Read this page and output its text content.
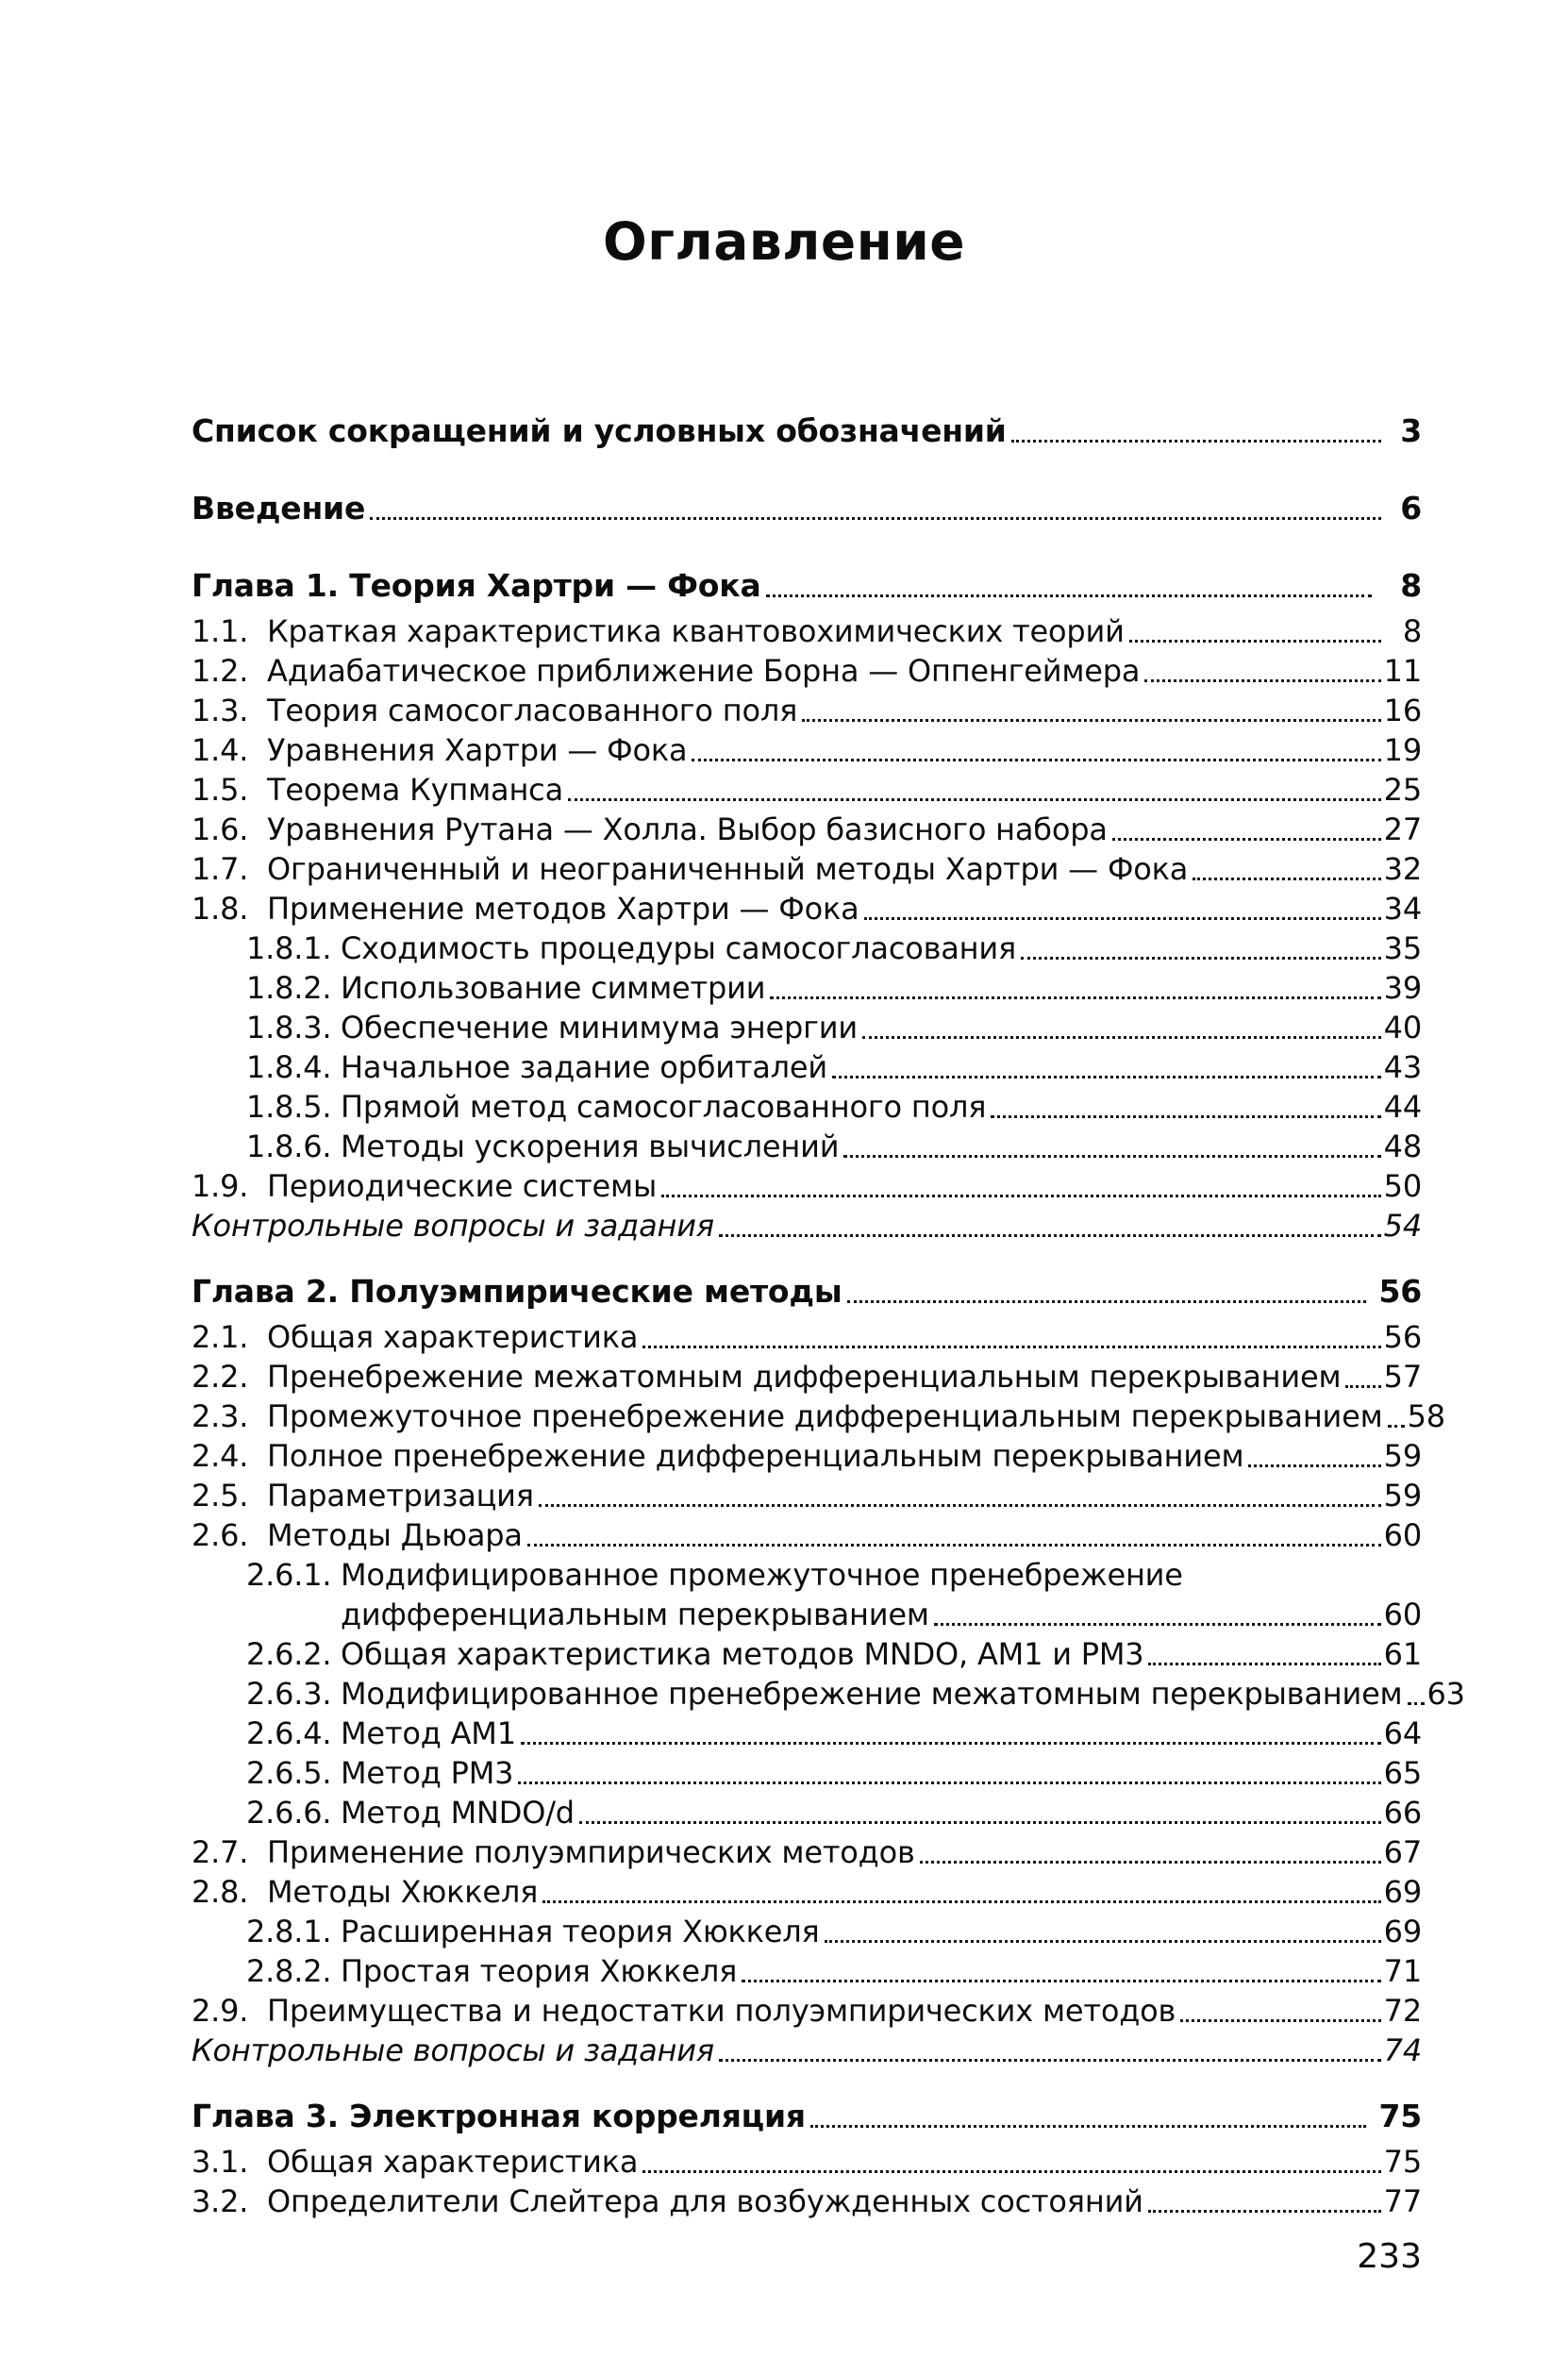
Оглавление
Список сокращений и условных обозначений	3
Введение	6
Глава 1. Теория Хартри — Фока	8
1.1. Краткая характеристика квантовохимических теорий	8
1.2. Адиабатическое приближение Борна — Оппенгеймера	11
1.3. Теория самосогласованного поля	16
1.4. Уравнения Хартри — Фока	19
1.5. Теорема Купманса	25
1.6. Уравнения Рутана — Холла. Выбор базисного набора	27
1.7. Ограниченный и неограниченный методы Хартри — Фока	32
1.8. Применение методов Хартри — Фока	34
1.8.1. Сходимость процедуры самосогласования	35
1.8.2. Использование симметрии	39
1.8.3. Обеспечение минимума энергии	40
1.8.4. Начальное задание орбиталей	43
1.8.5. Прямой метод самосогласованного поля	44
1.8.6. Методы ускорения вычислений	48
1.9. Периодические системы	50
Контрольные вопросы и задания	54
Глава 2. Полуэмпирические методы	56
2.1. Общая характеристика	56
2.2. Пренебрежение межатомным дифференциальным перекрыванием 57
2.3. Промежуточное пренебрежение дифференциальным перекрыванием 58
2.4. Полное пренебрежение дифференциальным перекрыванием	59
2.5. Параметризация	59
2.6. Методы Дьюара	60
2.6.1. Модифицированное промежуточное пренебрежение
дифференциальным перекрыванием	60
2.6.2. Общая характеристика методов MNDO, AM1 и PM3	61
2.6.3. Модифицированное пренебрежение межатомным перекрыванием 63
2.6.4. Метод AM1	64
2.6.5. Метод PM3	65
2.6.6. Метод MNDO/d	66
2.7. Применение полуэмпирических методов	67
2.8. Методы Хюккеля	69
2.8.1. Расширенная теория Хюккеля	69
2.8.2. Простая теория Хюккеля	71
2.9. Преимущества и недостатки полуэмпирических методов	72
Контрольные вопросы и задания	74
Глава 3. Электронная корреляция	75
3.1. Общая характеристика	75
3.2. Определители Слейтера для возбужденных состояний	77
233
